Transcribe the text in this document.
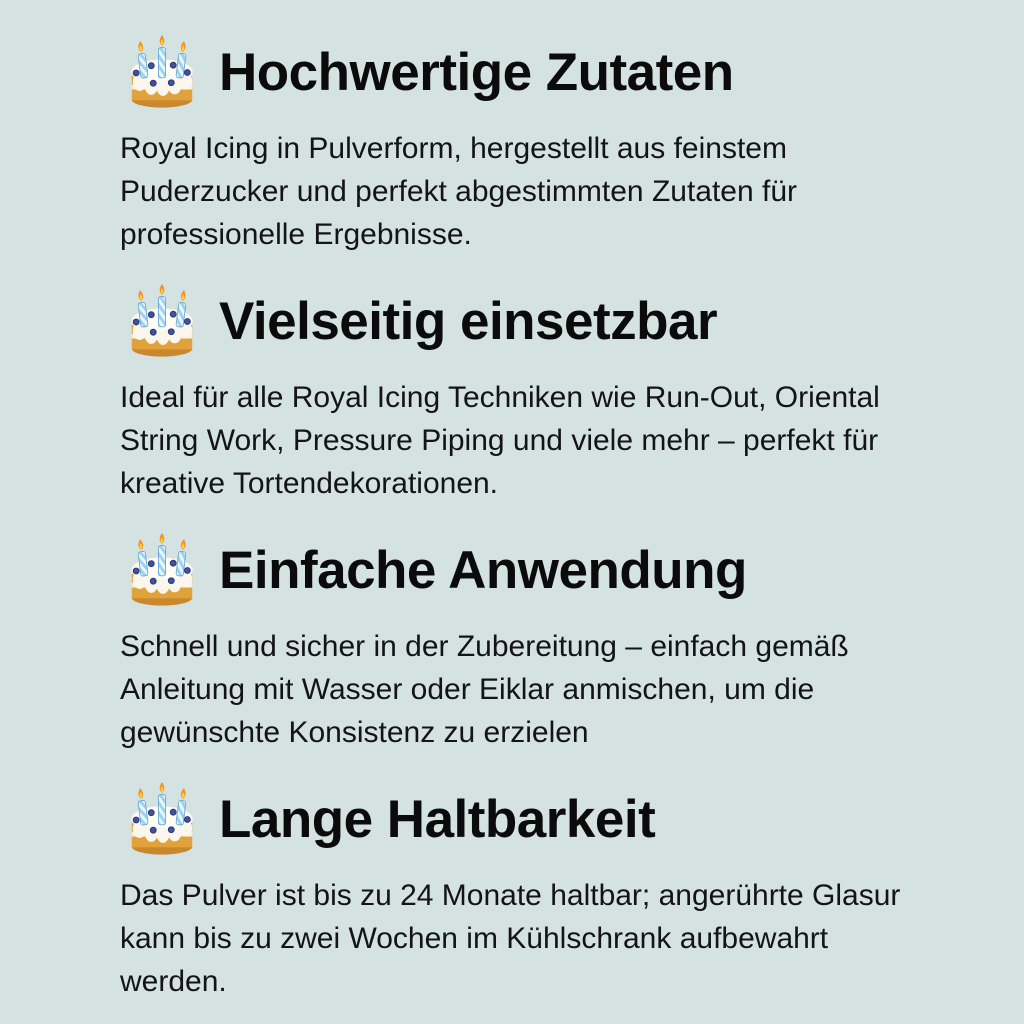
Hochwertige Zutaten

Royal Icing in Pulverform, hergestellt aus feinstem
Puderzucker und perfekt abgestimmten Zutaten für
professionelle Ergebnisse.

Vielseitig einsetzbar

Ideal für alle Royal Icing Techniken wie Run-Out, Oriental
String Work, Pressure Piping und viele mehr – perfekt für
kreative Tortendekorationen.

Einfache Anwendung

Schnell und sicher in der Zubereitung – einfach gemäß
Anleitung mit Wasser oder Eiklar anmischen, um die
gewünschte Konsistenz zu erzielen

Lange Haltbarkeit

Das Pulver ist bis zu 24 Monate haltbar; angerührte Glasur
kann bis zu zwei Wochen im Kühlschrank aufbewahrt
werden.
